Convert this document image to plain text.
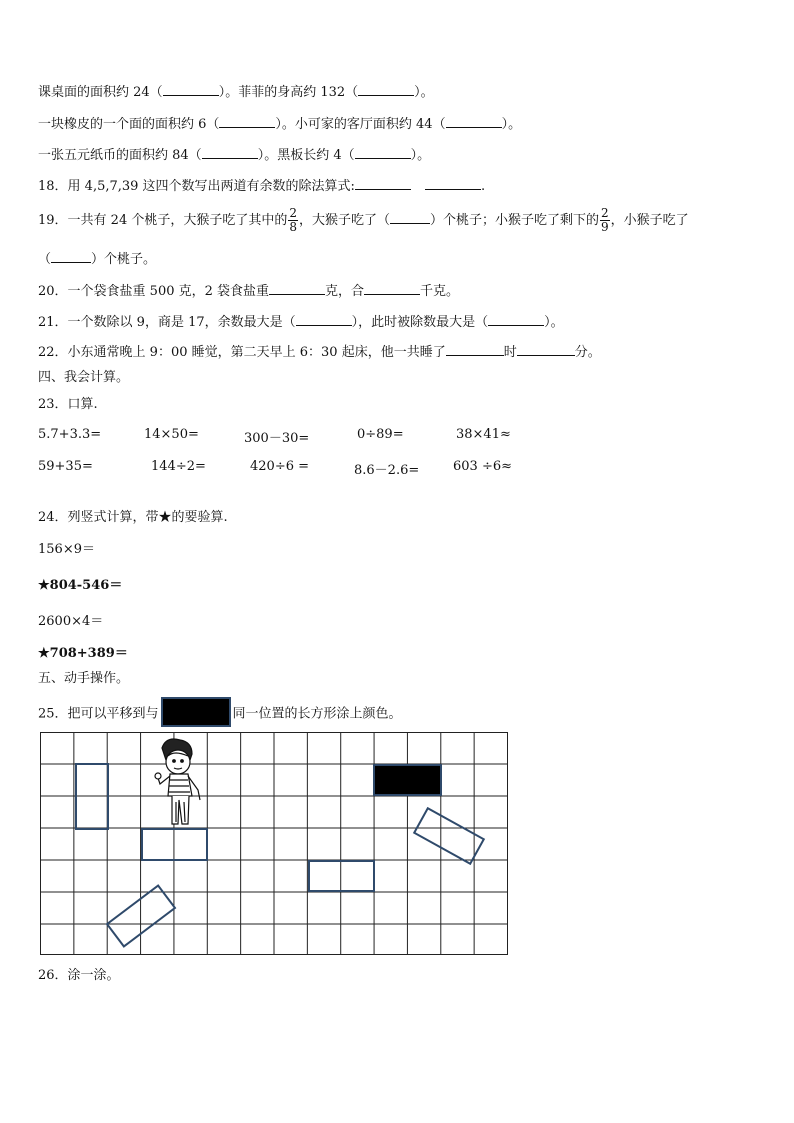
课桌面的面积约 24（	）。菲菲的身高约 132（	）。
一块橡皮的一个面的面积约 6（	）。小可家的客厅面积约 44（	）。
一张五元纸币的面积约 84（	）。黑板长约 4（	）。
18．用 4,5,7,39 这四个数写出两道有余数的除法算式:	.
19．一共有 24 个桃子，大猴子吃了其中的 $\frac{2}{8}$ ，大猴子吃了（	）个桃子；小猴子吃了剩下的 $\frac{2}{9}$ ，小猴子吃了
（	）个桃子。
20．一个袋食盐重 500 克，2 袋食盐重	克，合	千克。
21．一个数除以 9，商是 17，余数最大是（	），此时被除数最大是（	）。
22．小东通常晚上 9：00 睡觉，第二天早上 6：30 起床，他一共睡了	时	分。
四、我会计算。
23．口算.
5.7+3.3=	14×50=	300－30=	0÷89=	38×41≈
59+35=	144÷2=	420÷6 =	8.6－2.6=	603 ÷6≈
24．列竖式计算，带★的要验算.
156×9＝
★804-546＝
2600×4＝
★708+389＝
五、动手操作。
25．把可以平移到与	同一位置的长方形涂上颜色。
26．涂一涂。
